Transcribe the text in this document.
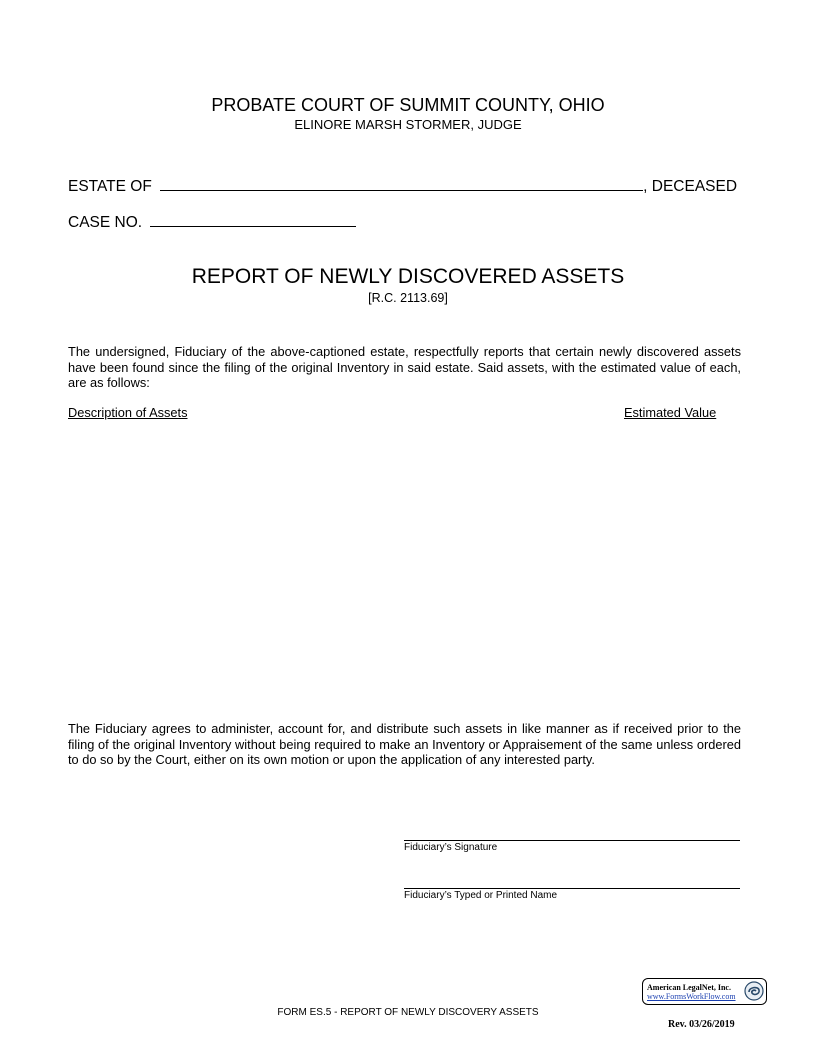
PROBATE COURT OF SUMMIT COUNTY, OHIO
ELINORE MARSH STORMER, JUDGE
ESTATE OF	, DECEASED
CASE NO.
REPORT OF NEWLY DISCOVERED ASSETS
[R.C. 2113.69]
The undersigned, Fiduciary of the above-captioned estate, respectfully reports that certain newly discovered assets have been found since the filing of the original Inventory in said estate. Said assets, with the estimated value of each, are as follows:
Description of Assets	Estimated Value
The Fiduciary agrees to administer, account for, and distribute such assets in like manner as if received prior to the filing of the original Inventory without being required to make an Inventory or Appraisement of the same unless ordered to do so by the Court, either on its own motion or upon the application of any interested party.
Fiduciary’s Signature
Fiduciary’s Typed or Printed Name
FORM ES.5 - REPORT OF NEWLY DISCOVERY ASSETS
American LegalNet, Inc.
www.FormsWorkFlow.com
Rev. 03/26/2019
